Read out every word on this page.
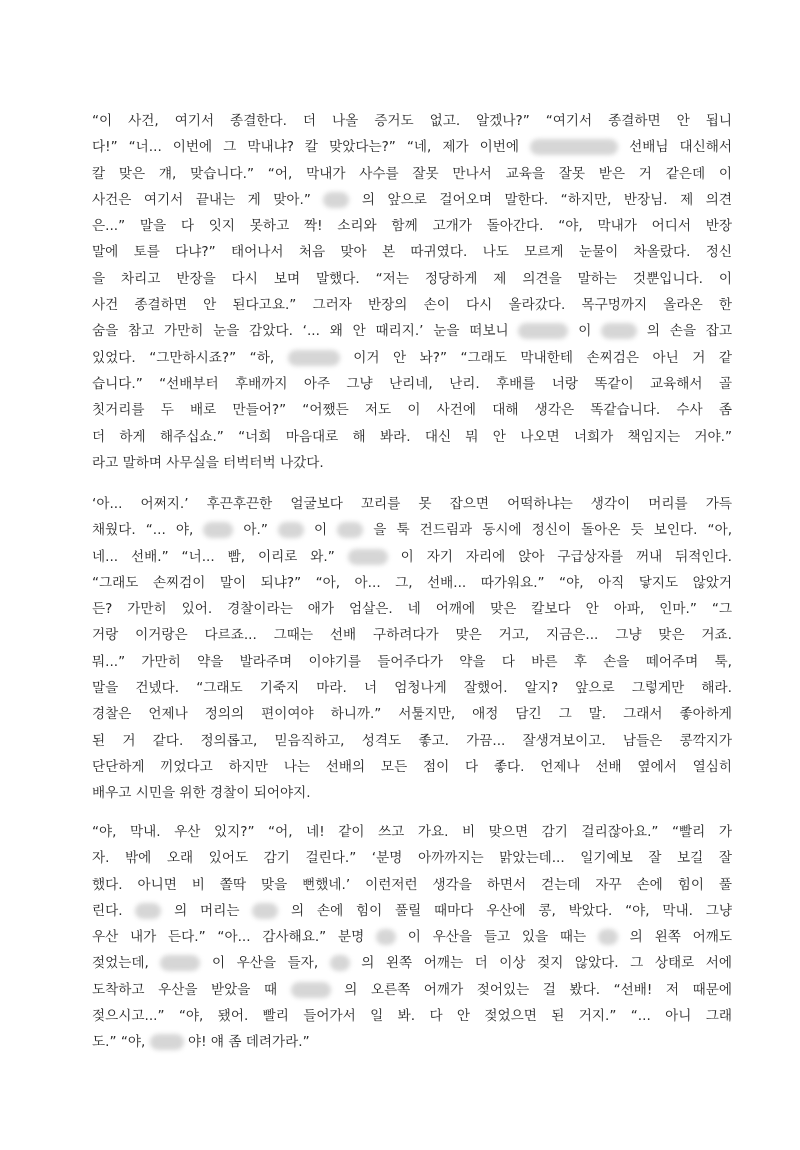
“이 사건, 여기서 종결한다. 더 나올 증거도 없고. 알겠나?” “여기서 종결하면 안 됩니
다!” “너... 이번에 그 막내냐? 칼 맞았다는?” “네, 제가 이번에	선배님 대신해서
칼 맞은 걔, 맞습니다.” “어, 막내가 사수를 잘못 만나서 교육을 잘못 받은 거 같은데 이
사건은 여기서 끝내는 게 맞아.”	의 앞으로 걸어오며 말한다. “하지만, 반장님. 제 의견
은...” 말을 다 잇지 못하고 짝! 소리와 함께 고개가 돌아간다. “야, 막내가 어디서 반장
말에 토를 다냐?” 태어나서 처음 맞아 본 따귀였다. 나도 모르게 눈물이 차올랐다. 정신
을 차리고 반장을 다시 보며 말했다. “저는 정당하게 제 의견을 말하는 것뿐입니다. 이
사건 종결하면 안 된다고요.” 그러자 반장의 손이 다시 올라갔다. 목구멍까지 올라온 한
숨을 참고 가만히 눈을 감았다. ‘... 왜 안 때리지.’ 눈을 떠보니	이	의 손을 잡고
있었다. “그만하시죠?” “하,	이거 안 놔?” “그래도 막내한테 손찌검은 아닌 거 같
습니다.” “선배부터 후배까지 아주 그냥 난리네, 난리. 후배를 너랑 똑같이 교육해서 골
칫거리를 두 배로 만들어?” “어쨌든 저도 이 사건에 대해 생각은 똑같습니다. 수사 좀
더 하게 해주십쇼.” “너희 마음대로 해 봐라. 대신 뭐 안 나오면 너희가 책임지는 거야.”
라고 말하며 사무실을 터벅터벅 나갔다.
‘아... 어쩌지.’ 후끈후끈한 얼굴보다 꼬리를 못 잡으면 어떡하냐는 생각이 머리를 가득
채웠다. “... 야,	아.”	이	을 툭 건드림과 동시에 정신이 돌아온 듯 보인다. “아,
네... 선배.” “너... 빰, 이리로 와.”	이 자기 자리에 앉아 구급상자를 꺼내 뒤적인다.
“그래도 손찌검이 말이 되냐?” “아, 아... 그, 선배... 따가워요.” “야, 아직 닿지도 않았거
든? 가만히 있어. 경찰이라는 애가 엄살은. 네 어깨에 맞은 칼보다 안 아파, 인마.” “그
거랑 이거랑은 다르죠... 그때는 선배 구하려다가 맞은 거고, 지금은... 그냥 맞은 거죠.
뭐...” 가만히 약을 발라주며 이야기를 들어주다가 약을 다 바른 후 손을 떼어주며 툭,
말을 건넸다. “그래도 기죽지 마라. 너 엄청나게 잘했어. 알지? 앞으로 그렇게만 해라.
경찰은 언제나 정의의 편이여야 하니까.” 서툴지만, 애정 담긴 그 말. 그래서 좋아하게
된 거 같다. 정의롭고, 믿음직하고, 성격도 좋고. 가끔... 잘생겨보이고. 남들은 콩깍지가
단단하게 끼었다고 하지만 나는 선배의 모든 점이 다 좋다. 언제나 선배 옆에서 열심히
배우고 시민을 위한 경찰이 되어야지.
“야, 막내. 우산 있지?” “어, 네! 같이 쓰고 가요. 비 맞으면 감기 걸리잖아요.” “빨리 가
자. 밖에 오래 있어도 감기 걸린다.” ‘분명 아까까지는 맑았는데... 일기예보 잘 보길 잘
했다. 아니면 비 쫄딱 맞을 뻔했네.’ 이런저런 생각을 하면서 걷는데 자꾸 손에 힘이 풀
린다.	의 머리는	의 손에 힘이 풀릴 때마다 우산에 콩, 박았다. “야, 막내. 그냥
우산 내가 든다.” “아... 감사해요.” 분명	이 우산을 들고 있을 때는	의 왼쪽 어깨도
젖었는데,	이 우산을 들자,	의 왼쪽 어깨는 더 이상 젖지 않았다. 그 상태로 서에
도착하고 우산을 받았을 때	의 오른쪽 어깨가 젖어있는 걸 봤다. “선배! 저 때문에
젖으시고...” “야, 됐어. 빨리 들어가서 일 봐. 다 안 젖었으면 된 거지.” “... 아니 그래
도.” “야,	야! 얘 좀 데려가라.”
